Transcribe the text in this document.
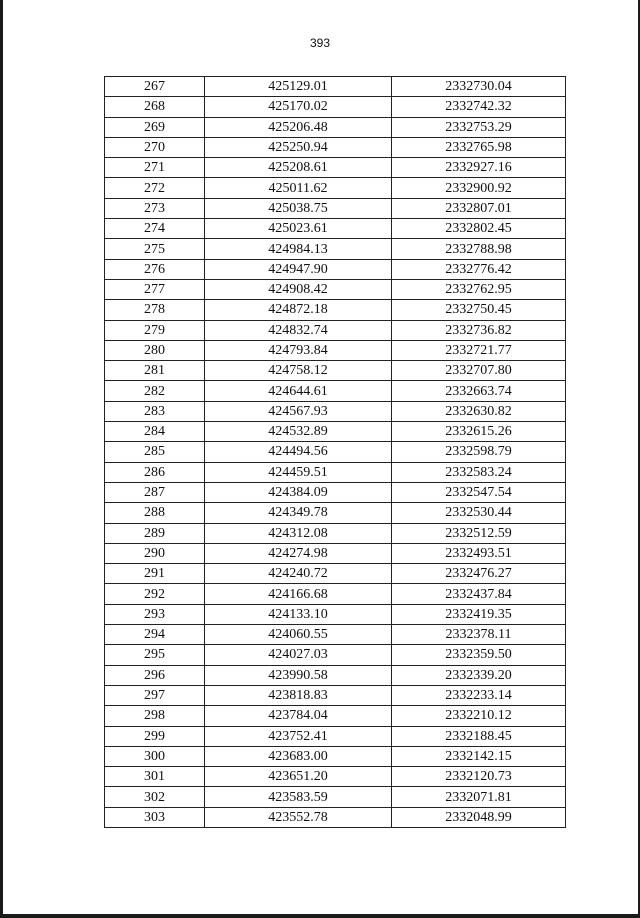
393
267	425129.01	2332730.04
268	425170.02	2332742.32
269	425206.48	2332753.29
270	425250.94	2332765.98
271	425208.61	2332927.16
272	425011.62	2332900.92
273	425038.75	2332807.01
274	425023.61	2332802.45
275	424984.13	2332788.98
276	424947.90	2332776.42
277	424908.42	2332762.95
278	424872.18	2332750.45
279	424832.74	2332736.82
280	424793.84	2332721.77
281	424758.12	2332707.80
282	424644.61	2332663.74
283	424567.93	2332630.82
284	424532.89	2332615.26
285	424494.56	2332598.79
286	424459.51	2332583.24
287	424384.09	2332547.54
288	424349.78	2332530.44
289	424312.08	2332512.59
290	424274.98	2332493.51
291	424240.72	2332476.27
292	424166.68	2332437.84
293	424133.10	2332419.35
294	424060.55	2332378.11
295	424027.03	2332359.50
296	423990.58	2332339.20
297	423818.83	2332233.14
298	423784.04	2332210.12
299	423752.41	2332188.45
300	423683.00	2332142.15
301	423651.20	2332120.73
302	423583.59	2332071.81
303	423552.78	2332048.99
